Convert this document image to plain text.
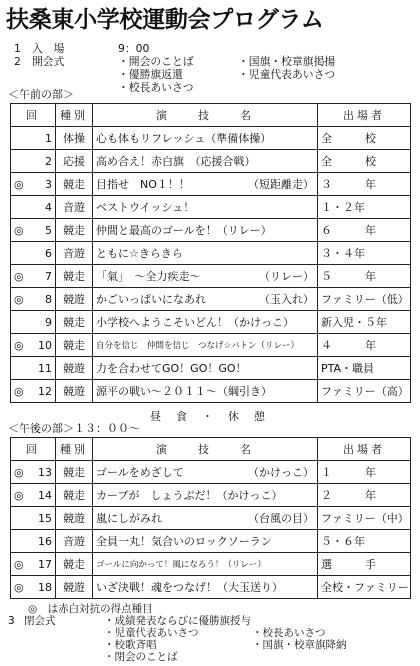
扶桑東小学校運動会プログラム
1 入　場	9：00
2 開会式	・開会のことば
・優勝旗返還
・校長あいさつ
・国旗・校章旗掲揚
・児童代表あいさつ
＜午前の部＞
回	種別	演　　技　　名	出場者

1	体操	心も体もリフレッシュ（準備体操）	全　　　校

2	応援	高め合え！赤白旗　（応援合戦）	全　　　校

◎ 3	競走	目指せ　NO１！！ （短距離走）	３　　　年

4	音遊	ベストウイッシュ！	１・２年

◎ 5	競走	仲間と最高のゴールを！（リレー）	６　　　年

6	音遊	ともに☆きらきら	３・４年

◎ 7	競走	「氣」　～全力疾走～ （リレー）	５　　　年

◎ 8	競遊	かごいっぱいになあれ （玉入れ）	ファミリー（低）

9	競走	小学校へようこそいどん！（かけっこ）	新入児・５年

◎ 10	競走	自分を信じ　仲間を信じ　つなげ☆バトン（リレー）	４　　　年

11	競遊	力を合わせてGO！GO！GO！	PTA・職員

◎ 12	競遊	源平の戦い～２０１１～（綱引き）	ファミリー（高）
昼　食　・　休　憩
＜午後の部＞１３：００～
回	種別	演　　技　　名	出場者

◎ 13	競走	ゴールをめざして （かけっこ）	１　　　年

◎ 14	競走	カーブが　しょうぶだ！（かけっこ）	２　　　年

15	競遊	嵐にしがみれ （台風の目）	ファミリー（中）

16	音遊	全員一丸！気合いのロックソーラン	５・６年

◎ 17	競走	ゴールに向かって！風になろう！（リレー）	選　　　手

◎ 18	競遊	いざ決戦！魂をつなげ！（大玉送り）	全校・ファミリー
◎　は赤白対抗の得点種目
3 閉会式	・成績発表ならびに優勝旗授与
・児童代表あいさつ
・校歌斉唱
・閉会のことば
・校長あいさつ
・国旗・校章旗降納
